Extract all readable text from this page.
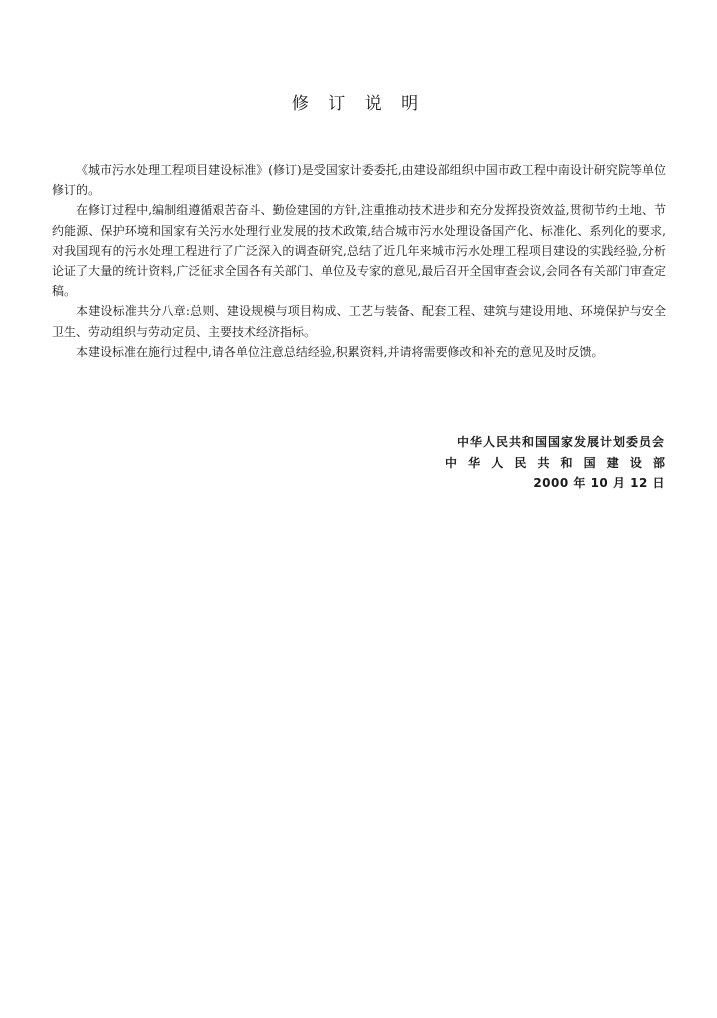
修 订 说 明

《城市污水处理工程项目建设标准》(修订)是受国家计委委托,由建设部组织中国市政工程中南设计研究院等单位修订的。

在修订过程中,编制组遵循艰苦奋斗、勤俭建国的方针,注重推动技术进步和充分发挥投资效益,贯彻节约土地、节约能源、保护环境和国家有关污水处理行业发展的技术政策,结合城市污水处理设备国产化、标准化、系列化的要求,对我国现有的污水处理工程进行了广泛深入的调查研究,总结了近几年来城市污水处理工程项目建设的实践经验,分析论证了大量的统计资料,广泛征求全国各有关部门、单位及专家的意见,最后召开全国审查会议,会同各有关部门审查定稿。

本建设标准共分八章:总则、建设规模与项目构成、工艺与装备、配套工程、建筑与建设用地、环境保护与安全卫生、劳动组织与劳动定员、主要技术经济指标。

本建设标准在施行过程中,请各单位注意总结经验,积累资料,并请将需要修改和补充的意见及时反馈。

中华人民共和国国家发展计划委员会
中 华 人 民 共 和 国 建 设 部
2000 年 10 月 12 日
